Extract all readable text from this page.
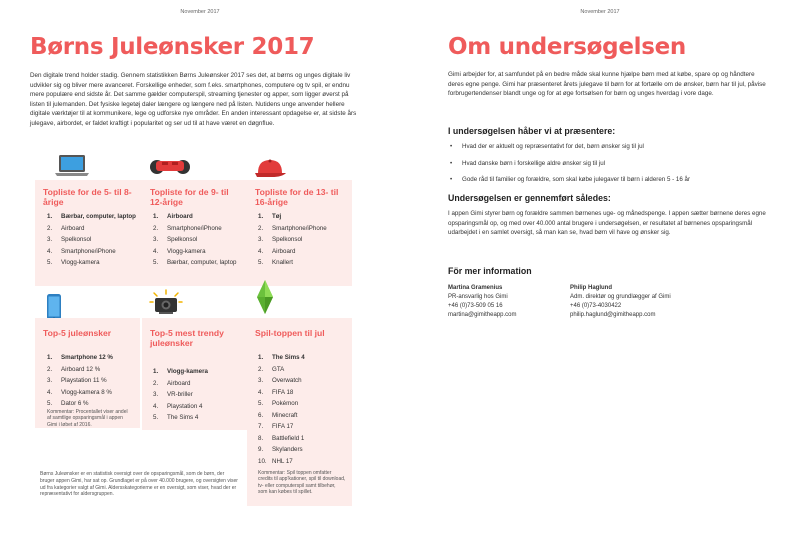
November 2017
Børns Juleønsker 2017

Den digitale trend holder stadig. Gennem statistikken Børns Juleønsker 2017 ses det, at børns og unges digitale liv udvikler sig og bliver mere avanceret. Forskellige enheder, som f.eks. smartphones, computere og tv spil, er endnu mere populære end sidste år. Det samme gælder computerspil, streaming tjenester og apper, som ligger øverst på listen til julemanden. Det fysiske legetøj daler længere og længere ned på listen. Nutidens unge anvender hellere digitale værktøjer til at kommunikere, lege og udforske nye områder. En anden interessant opdagelse er, at sidste års julegave, airbordet, er faldet kraftigt i popularitet og ser ud til at have været en døgnflue.

Topliste for de 5- til 8-årige
1.	Bærbar, computer, laptop
2.	Airboard
3.	Spelkonsol
4.	Smartphone/iPhone
5.	Vlogg-kamera
Topliste for de 9- til 12-årige
1.	Airboard
2.	Smartphone/iPhone
3.	Spelkonsol
4.	Vlogg-kamera
5.	Bærbar, computer, laptop
Topliste for de 13- til 16-årige
1.	Tøj
2.	Smartphone/iPhone
3.	Spelkonsol
4.	Airboard
5.	Knallert
Top-5 juleønsker
1.	Smartphone 12 %
2.	Airboard 12 %
3.	Playstation 11 %
4.	Vlogg-kamera 8 %
5.	Dator 6 %
Kommentar: Procentallet viser andel af samtlige opsparingsmål i appen Gimi i løbet af 2016.
Top-5 mest trendy juleønsker
1.	Vlogg-kamera
2.	Airboard
3.	VR-briller
4.	Playstation 4
5.	The Sims 4
Spil-toppen til jul
1.	The Sims 4
2.	GTA
3.	Overwatch
4.	FIFA 18
5.	Pokémon
6.	Minecraft
7.	FIFA 17
8.	Battlefield 1
9.	Skylanders
10. NHL 17
Kommentar: Spil toppen omfatter credits til app'kationer, spil til download, tv- eller computerspil samt tilbehør, som kan købes til spillet.
Børns Juleønsker er en statistisk oversigt over de opsparingsmål, som de børn, der bruger appen Gimi, har sat op. Grundlaget er på over 40.000 brugere, og oversigten viser ud fra kategorier valgt af Gimi. Aldersskategorierne er en oversigt, som viser, hvad der er repræsentativt for aldersgruppen.
November 2017
Om undersøgelsen

Gimi arbejder for, at samfundet på en bedre måde skal kunne hjælpe børn med at købe, spare op og håndtere deres egne penge. Gimi har præsenteret årets julegave til børn for at fortælle om de ønsker, børn har til jul, påvise forbrugertendenser blandt unge og for at øge fortsølsen for børn og unges hverdag i vore dage.

I undersøgelsen håber vi at præsentere:
•	Hvad der er aktuelt og repræsentativt for det, børn ønsker sig til jul
•	Hvad danske børn i forskellige aldre ønsker sig til jul
•	Gode råd til familier og forældre, som skal købe julegaver til børn i alderen 5 - 16 år
Undersøgelsen er gennemført således:

I appen Gimi styrer børn og forældre sammen børnenes uge- og månedspenge. I appen sætter børnene deres egne opsparingsmål op, og med over 40.000 antal brugere i undersøgelsen, er resultatet af børnenes opsparingsmål udarbejdet i en samlet oversigt, så man kan se, hvad børn vil have og ønsker sig.

För mer information
Martina Gramenius
PR-ansvarlig hos Gimi
+46 (0)73-509 05 16
martina@gimitheapp.com
Philip Haglund
Adm. direktør og grundlægger af Gimi
+46 (0)73-4030422
philip.haglund@gimitheapp.com
